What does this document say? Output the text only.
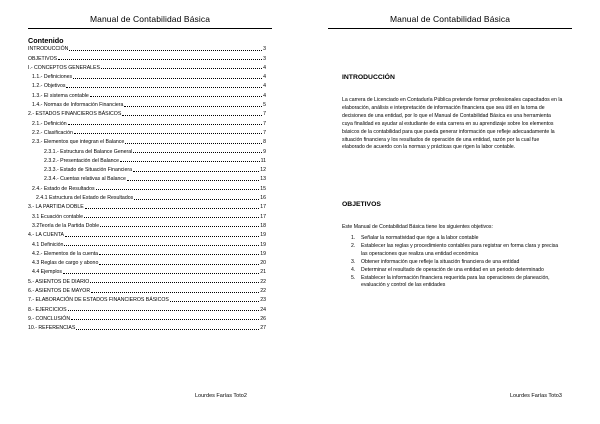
Manual de Contabilidad Básica
Contenido
INTRODUCCIÓN	3
OBJETIVOS	3
I.- CONCEPTOS GENERALES	4
1.1.- Definiciones	4
1.2.- Objetivos	4
1.3.- El sistema contable	4
1.4.- Normas de Información Financiera	5
2.- ESTADOS FINANCIEROS BÁSICOS	7
2.1.- Definición	7
2.2.- Clasificación	7
2.3.- Elementos que integran el Balance	8
2.3.1.- Estructura del Balance General	9
2.3.2.- Presentación del Balance	11
2.3.3.- Estado de Situación Financiera	12
2.3.4.- Cuentas relativas al Balance	13
2.4.- Estado de Resultados	15
2.4.1 Estructura del Estado de Resultados	16
3.- LA PARTIDA DOBLE	17
3.1 Ecuación contable	17
3.2Teoría de la Partida Doble	18
4.- LA CUENTA	19
4.1 Definición	19
4.2.- Elementos de la cuenta	19
4.3 Reglas de cargo y abono	20
4.4 Ejemplos	21
5.- ASIENTOS DE DIARIO	22
6.- ASIENTOS DE MAYOR	22
7.- ELABORACIÓN DE ESTADOS FINANCIEROS BÁSICOS	23
8.- EJERCICIOS	24
9.- CONCLUSIÓN	26
10.- REFERENCIAS	27
Lourdes Farías Toto2
Manual de Contabilidad Básica
INTRODUCCIÓN
La carrera de Licenciado en Contaduría Pública pretende formar profesionales capacitados en la elaboración, análisis e interpretación de información financiera que sea útil en la toma de decisiones de una entidad, por lo que el Manual de Contabilidad Básica es una herramienta cuya finalidad es ayudar al estudiante de esta carrera en su aprendizaje sobre los elementos básicos de la contabilidad para que pueda generar información que refleje adecuadamente la situación financiera y los resultados de operación de una entidad, razón por la cual fue elaborado de acuerdo con la normas y prácticas que rigen la labor contable.
OBJETIVOS
Este Manual de Contabilidad Básica tiene los siguientes objetivos:
1.	Señalar la normatividad que rige a la labor contable
2.	Establecer las reglas y procedimiento contables para registrar en forma clara y precisa las operaciones que realiza una entidad económica
3.	Obtener información que refleje la situación financiera de una entidad
4.	Determinar el resultado de operación de una entidad en un periodo determinado
5.	Establecer la información financiera requerida para las operaciones de planeación, evaluación y control de las entidades
Lourdes Farías Toto3
